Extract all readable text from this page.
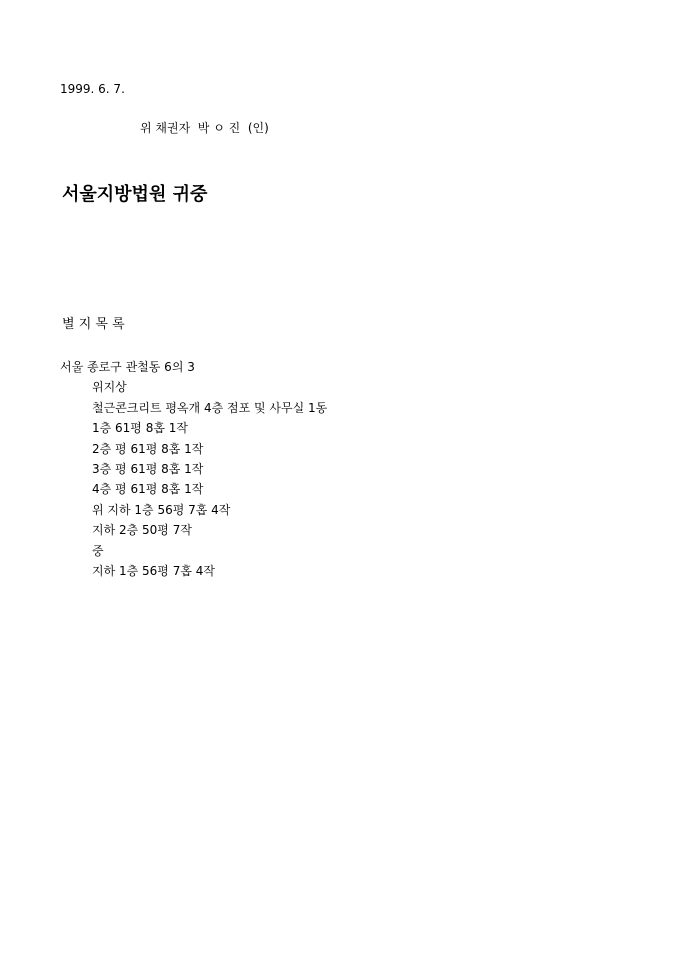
1999. 6. 7.
위 채권자  박 ㅇ 진  (인)
서울지방법원 귀중
별 지 목 록
서울 종로구 관철동 6의 3
위지상
철근콘크리트 평옥개 4층 점포 및 사무실 1동
1층 61평 8홉 1작
2층 평 61평 8홉 1작
3층 평 61평 8홉 1작
4층 평 61평 8홉 1작
위 지하 1층 56평 7홉 4작
지하 2층 50평 7작
중
지하 1층 56평 7홉 4작
